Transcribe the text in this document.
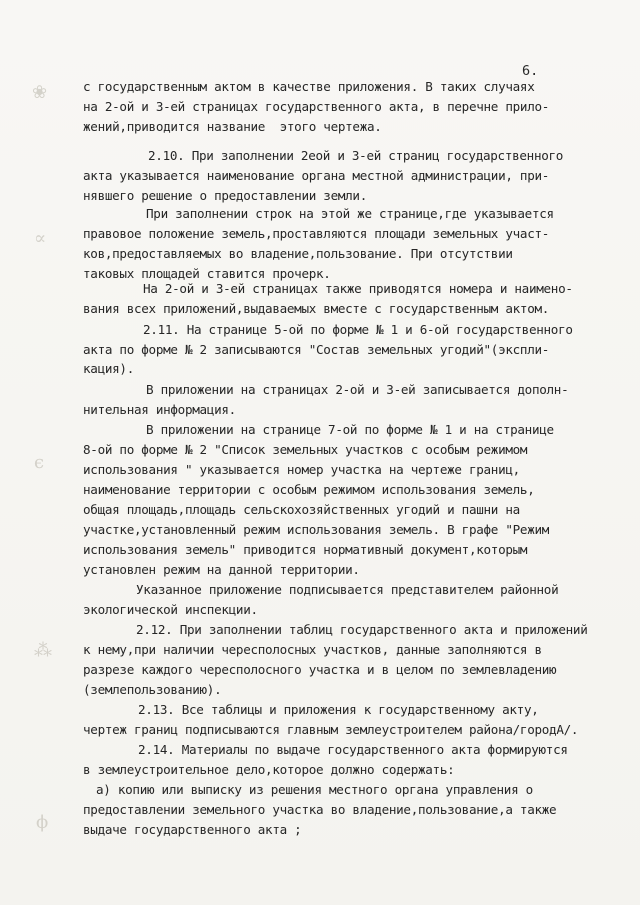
6.
❀
∝
ϵ
⁂
ϕ
с государственным актом в качестве приложения. В таких случаях
на 2-ой и 3-ей страницах государственного акта, в перечне прило-
жений,приводится название  этого чертежа.
2.10. При заполнении 2еой и 3-ей страниц государственного
акта указывается наименование органа местной администрации, при-
нявшего решение о предоставлении земли.
При заполнении строк на этой же странице,где указывается
правовое положение земель,проставляются площади земельных участ-
ков,предоставляемых во владение,пользование. При отсутствии
таковых площадей ставится прочерк.
На 2-ой и 3-ей страницах также приводятся номера и наимено-
вания всех приложений,выдаваемых вместе с государственным актом.
2.11. На странице 5-ой по форме № 1 и 6-ой государственного
акта по форме № 2 записываются "Состав земельных угодий"(экспли-
кация).
В приложении на страницах 2-ой и 3-ей записывается дополн-
нительная информация.
В приложении на странице 7-ой по форме № 1 и на странице
8-ой по форме № 2 "Список земельных участков с особым режимом
использования " указывается номер участка на чертеже границ,
наименование территории с особым режимом использования земель,
общая площадь,площадь сельскохозяйственных угодий и пашни на
участке,установленный режим использования земель. В графе "Режим
использования земель" приводится нормативный документ,которым
установлен режим на данной территории.
Указанное приложение подписывается представителем районной
экологической инспекции.
2.12. При заполнении таблиц государственного акта и приложений
к нему,при наличии чересполосных участков, данные заполняются в
разрезе каждого чересполосного участка и в целом по землевладению
(землепользованию).
2.13. Все таблицы и приложения к государственному акту,
чертеж границ подписываются главным землеустроителем района/городА/.
2.14. Материалы по выдаче государственного акта формируются
в землеустроительное дело,которое должно содержать:
а) копию или выписку из решения местного органа управления о
предоставлении земельного участка во владение,пользование,а также
выдаче государственного акта ;
